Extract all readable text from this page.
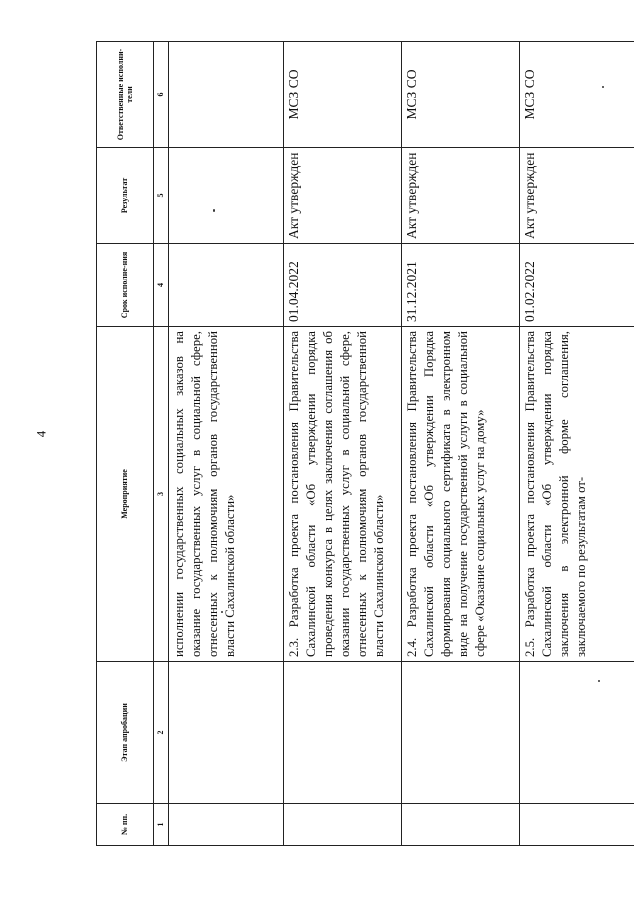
4
№ пп.	Этап апробации	Мероприятие	Срок исполне-ния	Результат	Ответственные исполни-тели
1	2	3	4	5	6
		исполнении государственных социальных заказов на оказание государственных услуг в социальной сфере, отнесенных к полномочиям органов государственной власти Сахалинской области»			
		2.3. Разработка проекта постановления Правительства Сахалинской области «Об утверждении порядка проведения конкурса в целях заключения соглашения об оказании государственных услуг в социальной сфере, отнесенных к полномочиям органов государственной власти Сахалинской области»	01.04.2022	Акт утвержден	МСЗ СО
		2.4. Разработка проекта постановления Правительства Сахалинской области «Об утверждении Порядка формирования социального сертификата в электронном виде на получение государственной услуги в социальной сфере «Оказание социальных услуг на дому»	31.12.2021	Акт утвержден	МСЗ СО
		2.5. Разработка проекта постановления Правительства Сахалинской области «Об утверждении порядка заключения в электронной форме соглашения, заключаемого по результатам от-	01.02.2022	Акт утвержден	МСЗ СО
